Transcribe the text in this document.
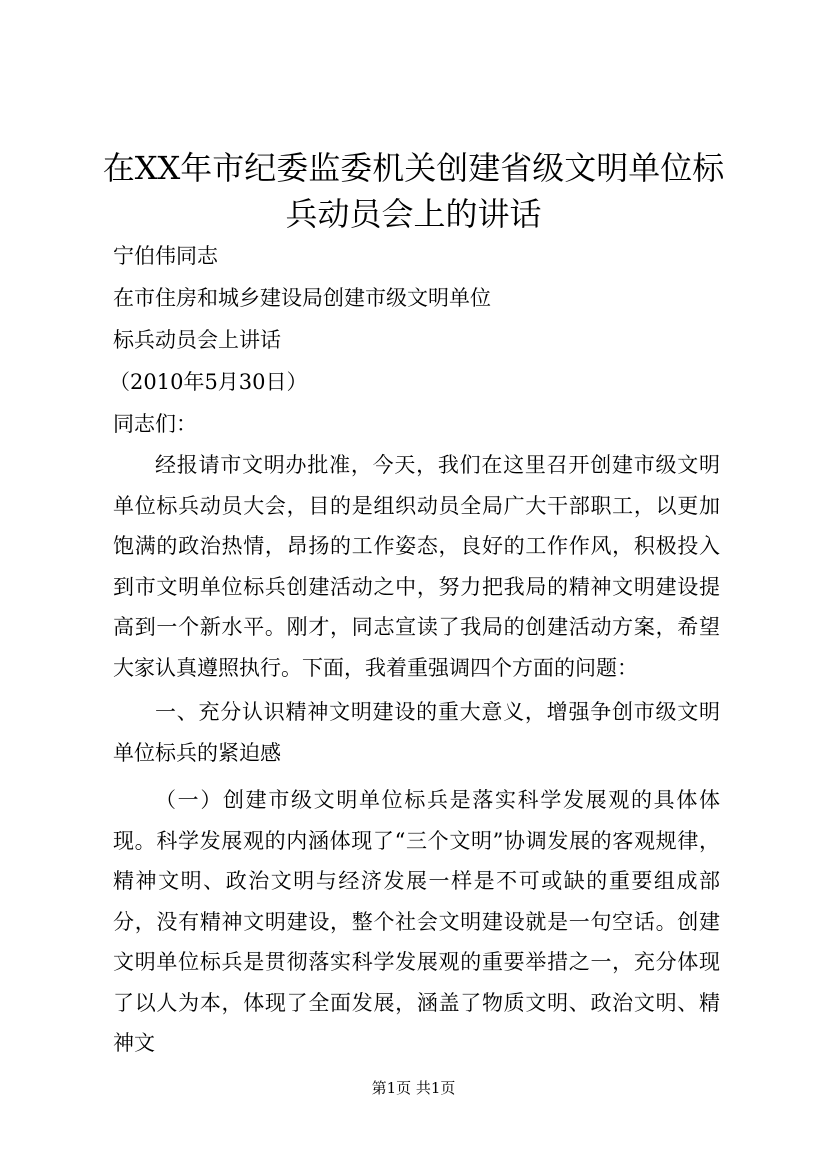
在XX年市纪委监委机关创建省级文明单位标
兵动员会上的讲话

宁伯伟同志

在市住房和城乡建设局创建市级文明单位

标兵动员会上讲话

（2010年5月30日）

同志们：

经报请市文明办批准，今天，我们在这里召开创建市级文明单位标兵动员大会，目的是组织动员全局广大干部职工，以更加饱满的政治热情，昂扬的工作姿态，良好的工作作风，积极投入到市文明单位标兵创建活动之中，努力把我局的精神文明建设提高到一个新水平。刚才，同志宣读了我局的创建活动方案，希望大家认真遵照执行。下面，我着重强调四个方面的问题：

一、充分认识精神文明建设的重大意义，增强争创市级文明单位标兵的紧迫感

（一）创建市级文明单位标兵是落实科学发展观的具体体现。科学发展观的内涵体现了“三个文明”协调发展的客观规律，精神文明、政治文明与经济发展一样是不可或缺的重要组成部分，没有精神文明建设，整个社会文明建设就是一句空话。创建文明单位标兵是贯彻落实科学发展观的重要举措之一，充分体现了以人为本，体现了全面发展，涵盖了物质文明、政治文明、精神文

第1页 共1页
